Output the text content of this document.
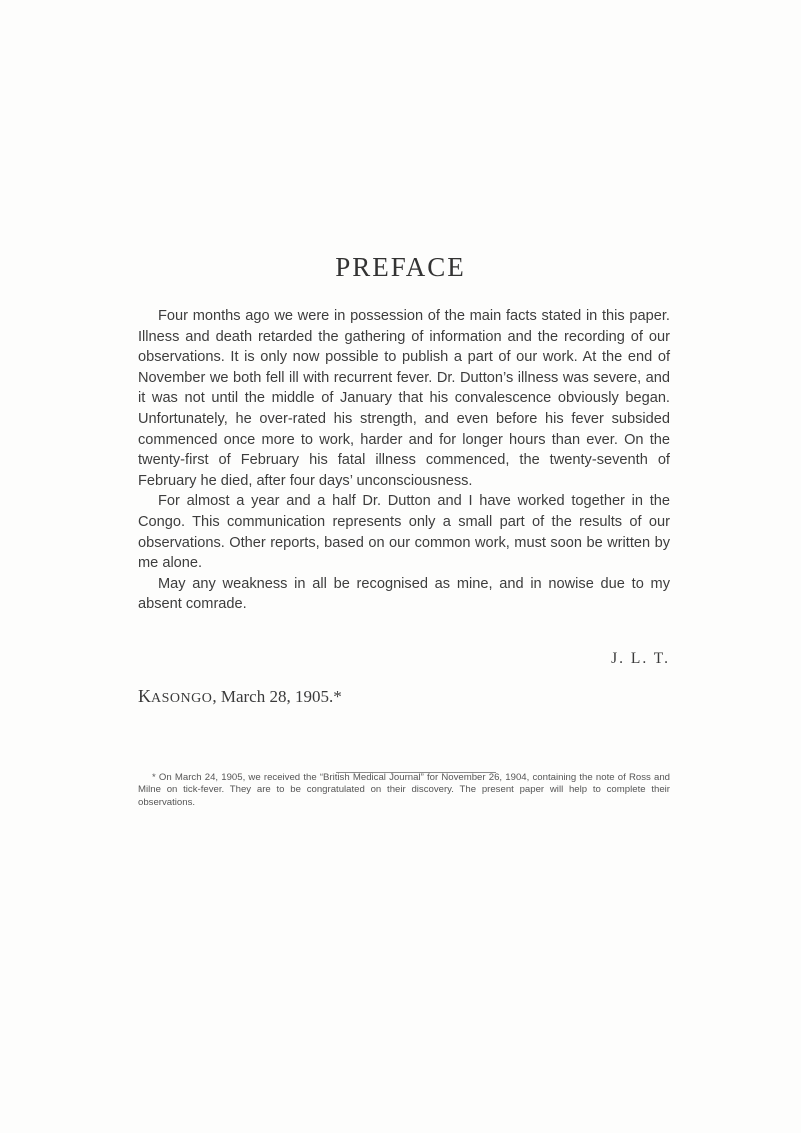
PREFACE

Four months ago we were in possession of the main facts stated in this paper. Illness and death retarded the gathering of information and the recording of our observations. It is only now possible to publish a part of our work. At the end of November we both fell ill with recurrent fever. Dr. Dutton’s illness was severe, and it was not until the middle of January that his convalescence obviously began. Unfortunately, he over-rated his strength, and even before his fever subsided commenced once more to work, harder and for longer hours than ever. On the twenty-first of February his fatal illness commenced, the twenty-seventh of February he died, after four days’ unconsciousness.

For almost a year and a half Dr. Dutton and I have worked together in the Congo. This communication represents only a small part of the results of our observations. Other reports, based on our common work, must soon be written by me alone.

May any weakness in all be recognised as mine, and in nowise due to my absent comrade.

J. L. T.
KASONGO, March 28, 1905.*

* On March 24, 1905, we received the “British Medical Journal” for November 26, 1904, containing the note of Ross and Milne on tick-fever. They are to be congratulated on their discovery. The present paper will help to complete their observations.
